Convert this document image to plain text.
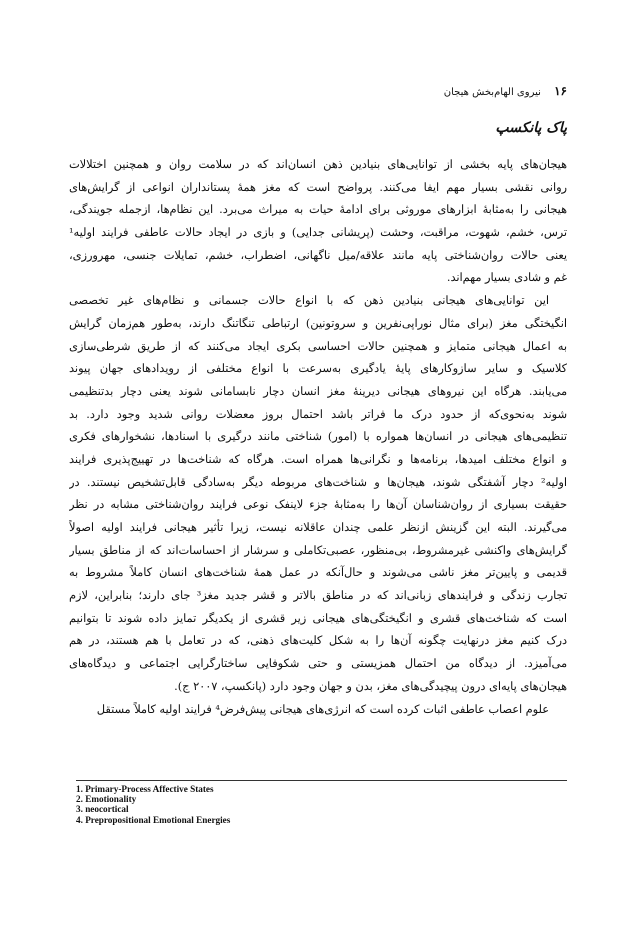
۱۶ نیروی الهام‌بخش هیجان
پاک پانکسپ
هیجان‌های پایه بخشی از توانایی‌های بنیادین ذهن انسان‌اند که در سلامت روان و همچنین اختلالات
روانی نقشی بسیار مهم ایفا می‌کنند. پرواضح است که مغز همهٔ پستانداران انواعی از گرایش‌های
هیجانی را به‌مثابهٔ ابزارهای موروثی برای ادامهٔ حیات به میراث می‌برد. این نظام‌ها، ازجمله جویندگی،
ترس، خشم، شهوت، مراقبت، وحشت (پریشانی جدایی) و بازی در ایجاد حالات عاطفی فرایند اولیه¹
یعنی حالات روان‌شناختی پایه مانند علاقه‌/میل ناگهانی، اضطراب، خشم، تمایلات جنسی، مهرورزی،
غم و شادی بسیار مهم‌اند.
این توانایی‌های هیجانی بنیادین ذهن که با انواع حالات جسمانی و نظام‌های غیر تخصصی
انگیختگی مغز (برای مثال نوراپی‌نفرین و سروتونین) ارتباطی تنگاتنگ دارند، به‌طور هم‌زمان گرایش
به اعمال هیجانی متمایز و همچنین حالات احساسی بکری ایجاد می‌کنند که از طریق شرطی‌سازی
کلاسیک و سایر سازوکارهای پایهٔ یادگیری به‌سرعت با انواع مختلفی از رویدادهای جهان پیوند
می‌یابند. هرگاه این نیروهای هیجانی دیرینهٔ مغز انسان دچار نابسامانی شوند یعنی دچار بدتنظیمی
شوند به‌نحوی‌که از حدود درک ما فراتر باشد احتمال بروز معضلات روانی شدید وجود دارد. بد
تنظیمی‌های هیجانی در انسان‌ها همواره با (امور) شناختی مانند درگیری با اسنادها، نشخوارهای فکری
و انواع مختلف امیدها، برنامه‌ها و نگرانی‌ها همراه است. هرگاه که شناخت‌ها در تهییج‌پذیری فرایند
اولیه² دچار آشفتگی شوند، هیجان‌ها و شناخت‌های مربوطه دیگر به‌سادگی قابل‌تشخیص نیستند. در
حقیقت بسیاری از روان‌شناسان آن‌ها را به‌مثابهٔ جزء لاینفک نوعی فرایند روان‌شناختی مشابه در نظر
می‌گیرند. البته این گزینش ازنظر علمی چندان عاقلانه نیست، زیرا تأثیر هیجانی فرایند اولیه اصولاً
گرایش‌های واکنشی غیرمشروط، بی‌منظور، عصبی‌تکاملی و سرشار از احساسات‌اند که از مناطق بسیار
قدیمی و پایین‌تر مغز ناشی می‌شوند و حال‌آنکه در عمل همهٔ شناخت‌های انسان کاملاً مشروط به
تجارب زندگی و فرایندهای زبانی‌اند که در مناطق بالاتر و قشر جدید مغز³ جای دارند؛ بنابراین، لازم
است که شناخت‌های قشری و انگیختگی‌های هیجانی زیر قشری از یکدیگر تمایز داده شوند تا بتوانیم
درک کنیم مغز درنهایت چگونه آن‌ها را به شکل کلیت‌های ذهنی، که در تعامل با هم هستند، در هم
می‌آمیزد. از دیدگاه من احتمال همزیستی و حتی شکوفایی ساختارگرایی اجتماعی و دیدگاه‌های
هیجان‌های پایه‌ای درون پیچیدگی‌های مغز، بدن و جهان وجود دارد (پانکسپ، ۲۰۰۷ ج).
علوم اعصاب عاطفی اثبات کرده است که انرژی‌های هیجانی پیش‌فرض⁴ فرایند اولیه کاملاً مستقل
1. Primary-Process Affective States
2. Emotionality
3. neocortical
4. Prepropositional Emotional Energies
